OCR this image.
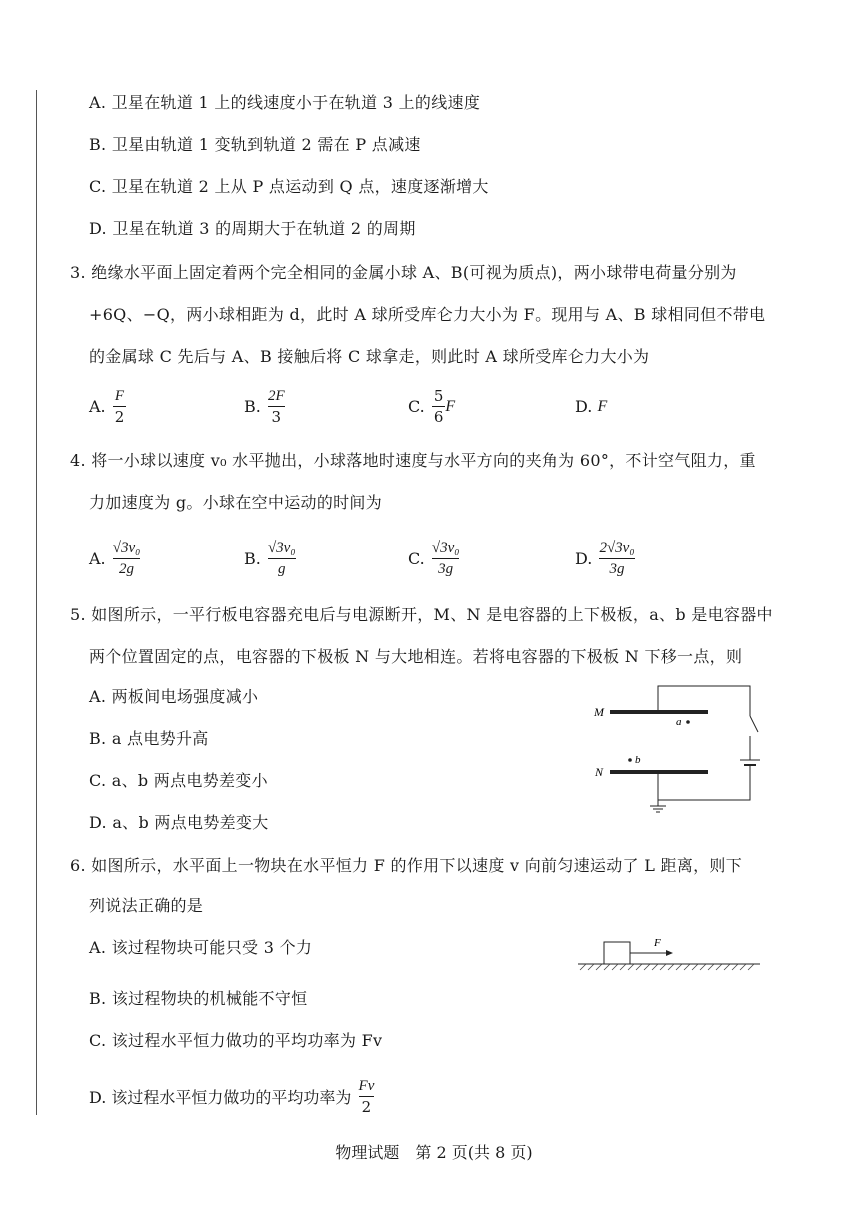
A. 卫星在轨道 1 上的线速度小于在轨道 3 上的线速度
B. 卫星由轨道 1 变轨到轨道 2 需在 P 点减速
C. 卫星在轨道 2 上从 P 点运动到 Q 点，速度逐渐增大
D. 卫星在轨道 3 的周期大于在轨道 2 的周期
3. 绝缘水平面上固定着两个完全相同的金属小球 A、B(可视为质点)，两小球带电荷量分别为
+6Q、−Q，两小球相距为 d，此时 A 球所受库仑力大小为 F。现用与 A、B 球相同但不带电
的金属球 C 先后与 A、B 接触后将 C 球拿走，则此时 A 球所受库仑力大小为
A. $\frac{F}{2}$	B. $\frac{2F}{3}$	C. $\frac{5}{6}$ F	D. F
4. 将一小球以速度 v₀ 水平抛出，小球落地时速度与水平方向的夹角为 60°，不计空气阻力，重
力加速度为 g。小球在空中运动的时间为
A. $\frac{\text{√3v₀}}{2g}$	B. $\frac{\text{√3v₀}}{g}$	C. $\frac{\text{√3v₀}}{3g}$	D. $\frac{\text{2√3v₀}}{3g}$
5. 如图所示，一平行板电容器充电后与电源断开，M、N 是电容器的上下极板，a、b 是电容器中
两个位置固定的点，电容器的下极板 N 与大地相连。若将电容器的下极板 N 下移一点，则
A. 两板间电场强度减小
B. a 点电势升高
C. a、b 两点电势差变小
D. a、b 两点电势差变大
M
N
a
b
6. 如图所示，水平面上一物块在水平恒力 F 的作用下以速度 v 向前匀速运动了 L 距离，则下
列说法正确的是
A. 该过程物块可能只受 3 个力
B. 该过程物块的机械能不守恒
C. 该过程水平恒力做功的平均功率为 Fv
D. 该过程水平恒力做功的平均功率为 $\frac{Fv}{2}$
F
物理试题　第 2 页(共 8 页)
